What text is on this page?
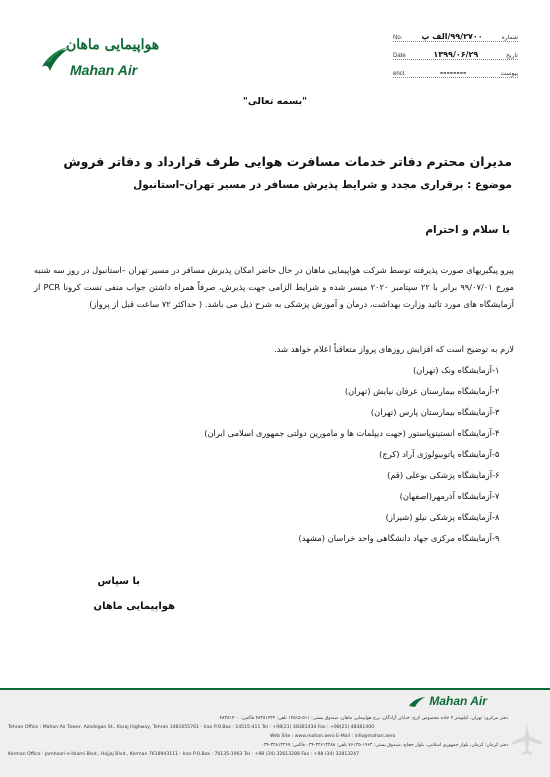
No. ۹۹/۲۷۰۰/الف پ	شماره
Date	۱۳۹۹/۰۶/۲۹	تاریخ
encl.	--------	پیوست
هواپیمایی ماهان
Mahan Air
"بسمه تعالی"
مدیران محترم دفاتر خدمات مسافرت هوایی طرف قرارداد و دفاتر فروش
موضوع : برقراری مجدد و شرایط پذیرش مسافر در مسیر تهران–استانبول
با سلام و احترام
پیرو پیگیریهای صورت پذیرفته توسط شرکت هواپیمایی ماهان در حال حاضر امکان پذیرش مسافر در مسیر تهران –استانبول در روز سه شنبه مورخ ۹۹/۰۷/۰۱ برابر با ۲۲ سپتامبر ۲۰۲۰ میسر شده و شرایط الزامی جهت پذیرش، صرفاً همراه داشتن جواب منفی تست کرونا PCR از آزمایشگاه های مورد تائید وزارت بهداشت، درمان و آموزش پزشکی به شرح ذیل می باشد. ( حداکثر ۷۲ ساعت قبل از پرواز)
لازم به توضیح است که افزایش روزهای پرواز متعاقباً اعلام خواهد شد.
۱-آزمایشگاه ونک (تهران)
۲-آزمایشگاه بیمارستان عرفان نیایش (تهران)
۳-آزمایشگاه بیمارستان پارس (تهران)
۴-آزمایشگاه انستیتوپاستور (جهت دیپلمات ها و مامورین دولتی جمهوری اسلامی ایران)
۵-آزمایشگاه پاتوبیولوژی آراد (کرج)
۶-آزمایشگاه پزشکی بوعلی (قم)
۷-آزمایشگاه آذرمهر(اصفهان)
۸-آزمایشگاه پزشکی نیلو (شیراز)
۹-آزمایشگاه مرکزی جهاد دانشگاهی واحد خراسان (مشهد)
با سپاس
هواپیمایی ماهان
Mahan Air
دفتر مرکزی: تهران، کیلومتر ۴ جاده مخصوص کرج، خیابان آزادگان، برج هواپیمایی ماهان، صندوق پستی: ۵۱۱-۱۴۵۱۵ تلفن: ۴۸۳۸۱۴۳۴ فاکس: ۴۸۳۸۱۴۰۰
Tehran Office : Mahan Air Tower, Azadegan St., Karaj Highway, Tehran 1481655761 - Iran P.O.Box : 14515-411 Tel : +98(21) 48381434 Fax : +98(21) 48381400
Web Site : www.mahan.aero E-Mail : info@mahan.aero
دفتر کرمان: کرمان، بلوار جمهوری اسلامی، بلوار حجاج، صندوق پستی: ۱۹۶۳-۷۶۱۳۵ تلفن: ۳۲۶۱۳۲۸۸-۰۳۴ فاکس: ۳۲۸۱۳۲۴۷-۰۳۴
Kerman Office : Jomhoori-e-Islami Blvd., Hojjaj Blvd., Kerman 7618943111 - Iran P.O.Box : 76135-1963 Tel : +98 (34) 32613288 Fax : +98 (34) 32813247
